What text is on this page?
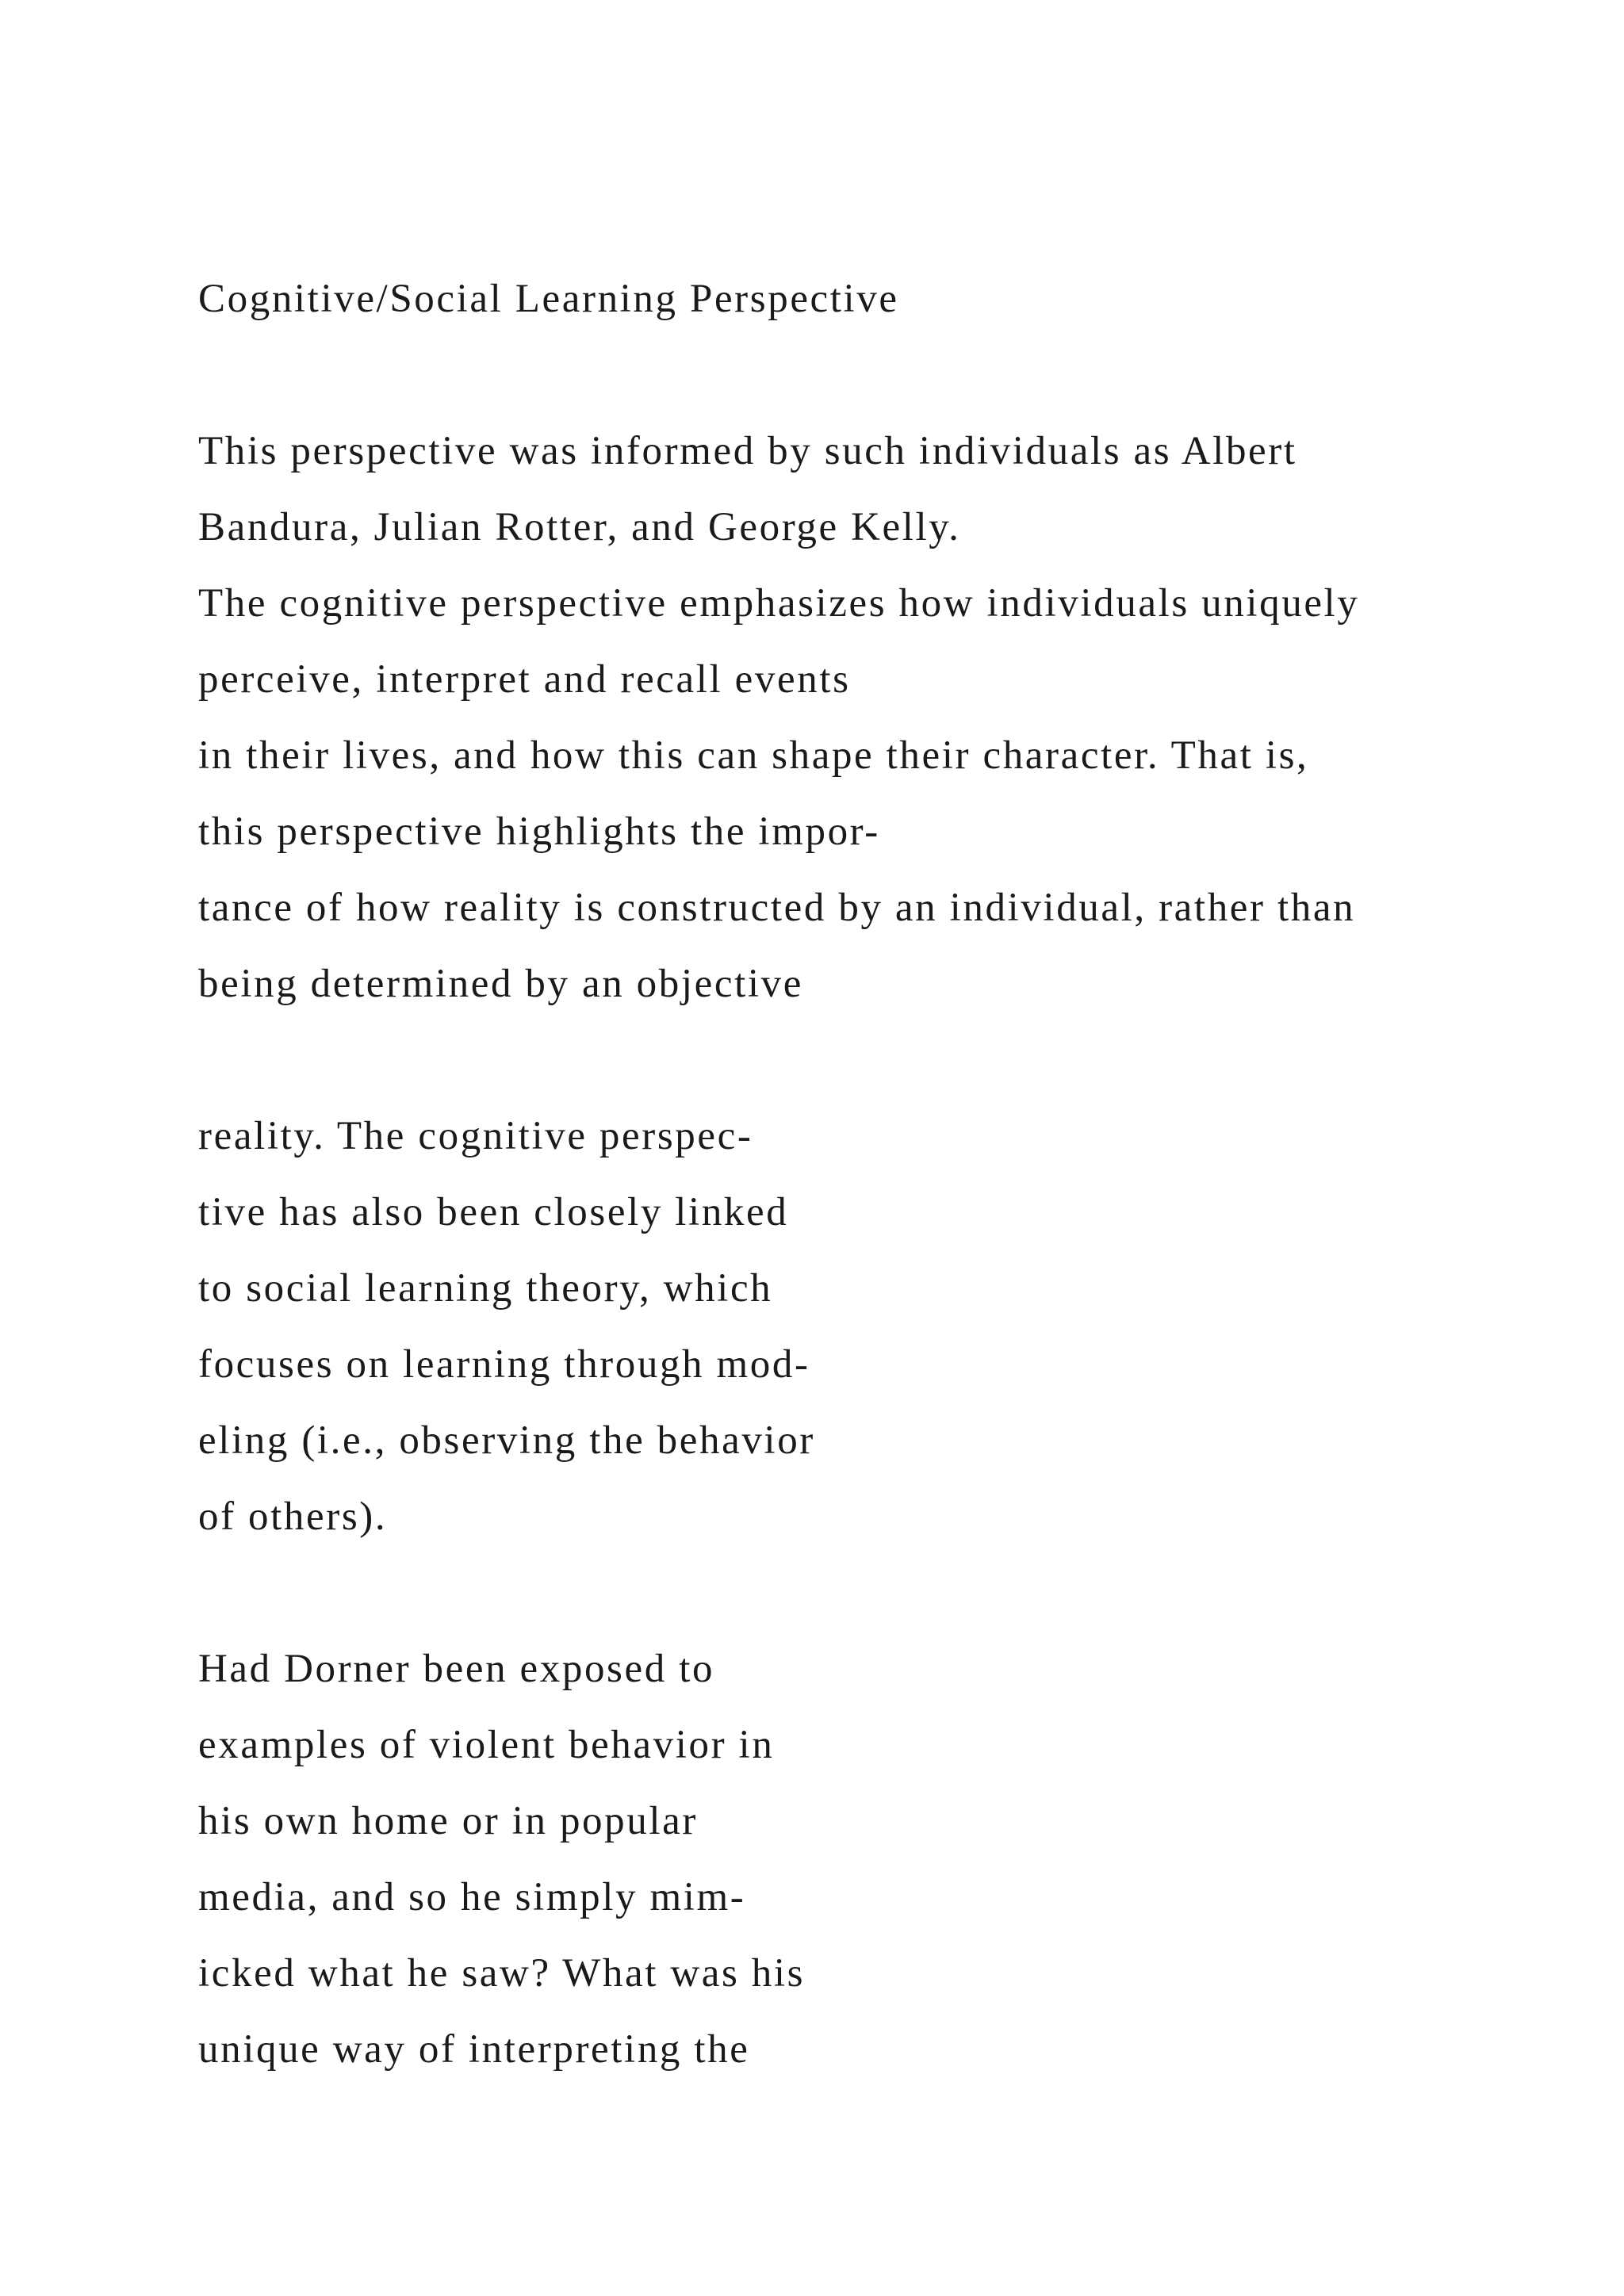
Cognitive/Social Learning Perspective
This perspective was informed by such individuals as Albert
Bandura, Julian Rotter, and George Kelly.
The cognitive perspective emphasizes how individuals uniquely
perceive, interpret and recall events
in their lives, and how this can shape their character. That is,
this perspective highlights the impor-
tance of how reality is constructed by an individual, rather than
being determined by an objective
reality. The cognitive perspec-
tive has also been closely linked
to social learning theory, which
focuses on learning through mod-
eling (i.e., observing the behavior
of others).
Had Dorner been exposed to
examples of violent behavior in
his own home or in popular
media, and so he simply mim-
icked what he saw? What was his
unique way of interpreting the
